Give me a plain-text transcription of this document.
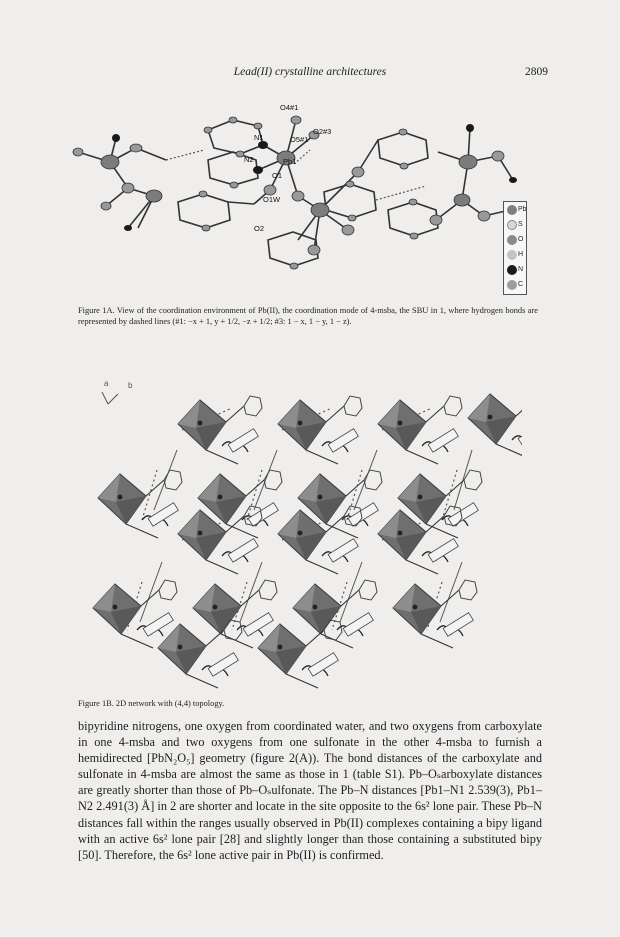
Lead(II) crystalline architectures	2809
O4#1
N1	O5#1
O2#3
N2	Pb1
O1
O1W
O2
Pb
S
O
H
N
C
Figure 1A. View of the coordination environment of Pb(II), the coordination mode of 4-msba, the SBU in 1, where hydrogen bonds are represented by dashed lines (#1: −x + 1, y + 1/2, −z + 1/2; #3: 1 − x, 1 − y, 1 − z).
a b
Figure 1B. 2D network with (4,4) topology.

bipyridine nitrogens, one oxygen from coordinated water, and two oxygens from carboxylate in one 4-msba and two oxygens from one sulfonate in the other 4-msba to furnish a hemidirected [PbN₂O₅] geometry (figure 2(A)). The bond distances of the carboxylate and sulfonate in 4-msba are almost the same as those in 1 (table S1). Pb–Oₛarboxylate distances are greatly shorter than those of Pb–Oₛulfonate. The Pb–N distances [Pb1–N1 2.539(3), Pb1–N2 2.491(3) Å] in 2 are shorter and locate in the site opposite to the 6s² lone pair. These Pb–N distances fall within the ranges usually observed in Pb(II) complexes containing a bipy ligand with an active 6s² lone pair [28] and slightly longer than those containing a substituted bipy [50]. Therefore, the 6s² lone active pair in Pb(II) is confirmed.
